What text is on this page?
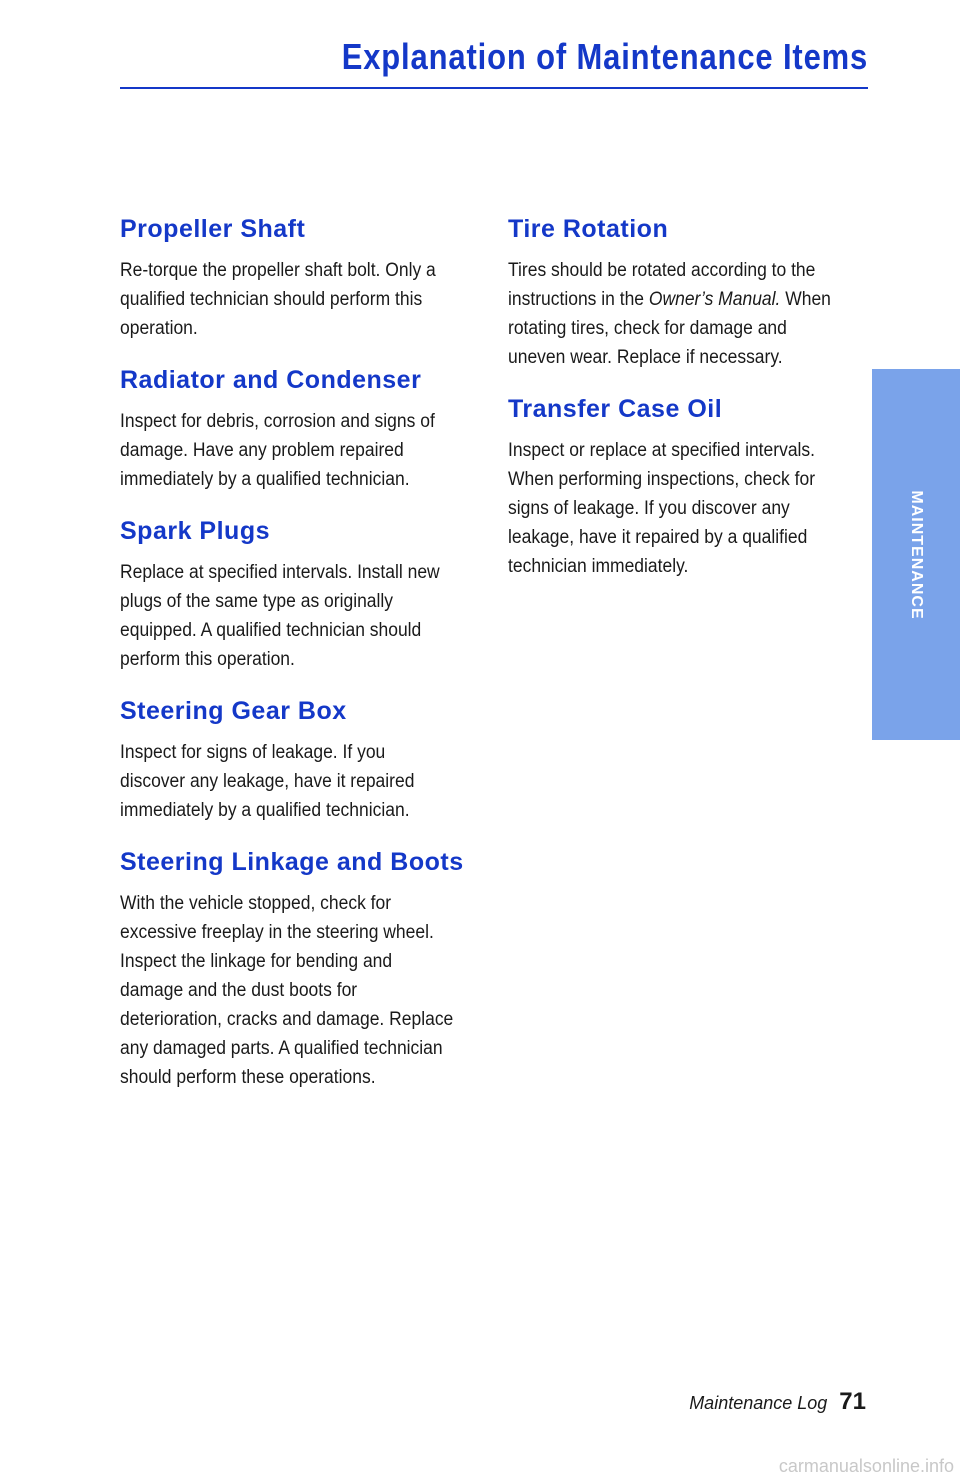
Explanation of Maintenance Items
Propeller Shaft

Re-torque the propeller shaft bolt. Only a
qualified technician should perform this
operation.

Radiator and Condenser

Inspect for debris, corrosion and signs of
damage. Have any problem repaired
immediately by a qualified technician.

Spark Plugs

Replace at specified intervals. Install new
plugs of the same type as originally
equipped. A qualified technician should
perform this operation.

Steering Gear Box

Inspect for signs of leakage. If you
discover any leakage, have it repaired
immediately by a qualified technician.

Steering Linkage and Boots

With the vehicle stopped, check for
excessive freeplay in the steering wheel.
Inspect the linkage for bending and
damage and the dust boots for
deterioration, cracks and damage. Replace
any damaged parts. A qualified technician
should perform these operations.

Tire Rotation

Tires should be rotated according to the
instructions in the Owner’s Manual. When
rotating tires, check for damage and
uneven wear. Replace if necessary.

Transfer Case Oil

Inspect or replace at specified intervals.
When performing inspections, check for
signs of leakage. If you discover any
leakage, have it repaired by a qualified
technician immediately.	MAINTENANCE
Maintenance Log 71
carmanualsonline.info
